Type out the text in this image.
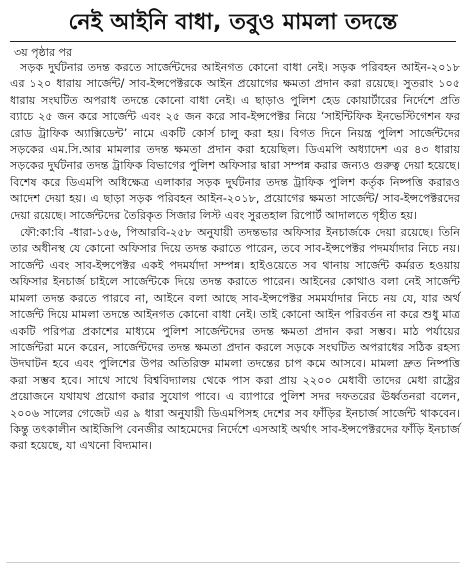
নেই আইনি বাধা, তবুও মামলা তদন্তে
৩য় পৃষ্ঠার পর

সড়ক দুর্ঘটনার তদন্ত করতে সার্জেন্টদের আইনগত কোনো বাধা নেই। সড়ক পরিবহন আইন-২০১৮ এর ১২০ ধারায় সার্জেন্ট/ সাব-ইন্সপেক্টরকে আইন প্রয়োগের ক্ষমতা প্রদান করা রয়েছে। সুতরাং ১০৫ ধারায় সংঘটিত অপরাধ তদন্তে কোনো বাধা নেই। এ ছাড়াও পুলিশ হেড কোয়ার্টারের নির্দেশে প্রতি ব্যাচে ২৫ জন করে সার্জেন্ট এবং ২৫ জন করে সাব-ইন্সপেক্টর নিয়ে ‘সাইন্টিফিক ইনভেস্টিগেশন ফর রোড ট্রাফিক অ্যাক্সিডেন্ট’ নামে একটি কোর্স চালু করা হয়। বিগত দিনে নিয়ন্ত্র পুলিশ সার্জেন্টদের সড়কের এম.সি.আর মামলার তদন্ত ক্ষমতা প্রদান করা হয়েছিল। ডিএমপি অধ্যাদেশ এর ৪৩ ধারায় সড়কের দুর্ঘটনার তদন্ত ট্রাফিক বিভাগের পুলিশ অফিসার দ্বারা সম্পন্ন করার জন্যও গুরুত্ব দেয়া হয়েছে। বিশেষ করে ডিএমপি অধিক্ষেত্র এলাকার সড়ক দুর্ঘটনার তদন্ত ট্রাফিক পুলিশ কর্তৃক নিষ্পত্তি করারও আদেশ দেয়া হয়। এ ছাড়া সড়ক পরিবহন আইন-২০১৮, প্রয়োগের ক্ষমতা সার্জেন্ট/ সাব-ইন্সপেক্টরদের দেয়া রয়েছে। সার্জেন্টদের তৈরিকৃত সিজার লিস্ট এবং সুরতহাল রিপোর্ট আদালতে গৃহীত হয়।

ফৌ:কা:বি -ধারা-১৫৬, পিআরবি-২৫৮ অনুযায়ী তদন্তভার অফিসার ইনচার্জকে দেয়া রয়েছে। তিনি তার অধীনস্থ যে কোনো অফিসার দিয়ে তদন্ত করাতে পারেন, তবে সাব-ইন্সপেক্টর পদমর্যাদার নিচে নয়। সার্জেন্ট এবং সাব-ইন্সপেক্টর একই পদমর্যাদা সম্পন্ন। হাইওয়েতে সব থানায় সার্জেন্ট কর্মরত হওয়ায় অফিসার ইনচার্জ চাইলে সার্জেন্টকে দিয়ে তদন্ত করাতে পারেন। আইনের কোথাও বলা নেই সার্জেন্ট মামলা তদন্ত করতে পারবে না, আইনে বলা আছে সাব-ইন্সপেক্টর সমমর্যাদার নিচে নয় যে, যার অর্থ সার্জেন্ট দিয়ে মামলা তদন্তে আইনগত কোনো বাধা নেই। তাই কোনো আইন পরিবর্তন না করে শুধু মাত্র একটি পরিপত্র প্রকাশের মাধ্যমে পুলিশ সার্জেন্টদের তদন্ত ক্ষমতা প্রদান করা সম্ভব। মাঠ পর্যায়ের সার্জেন্টরা মনে করেন, সার্জেন্টদের তদন্ত ক্ষমতা প্রদান করলে সড়কে সংঘটিত অপরাধের সঠিক রহস্য উদঘাটন হবে এবং পুলিশের উপর অতিরিক্ত মামলা তদন্তের চাপ কমে আসবে। মামলা দ্রুত নিষ্পত্তি করা সম্ভব হবে। সাথে সাথে বিশ্ববিদ্যালয় থেকে পাস করা প্রায় ২২০০ মেধাবী তাদের মেধা রাষ্ট্রের প্রয়োজনে যথাযথ প্রয়োগ করার সুযোগ পাবে। এ ব্যাপারে পুলিশ সদর দফতরের ঊর্ধ্বতনরা বলেন, ২০০৬ সালের গেজেট এর ৯ ধারা অনুযায়ী ডিএমপিসহ দেশের সব ফাঁড়ির ইনচার্জ সার্জেন্ট থাকবেন। কিন্তু তৎকালীন আইজিপি বেনজীর আহমেদের নির্দেশে এসআই অর্থাৎ সাব-ইন্সপেক্টরদের ফাঁড়ি ইনচার্জ করা হয়েছে, যা এখনো বিদ্যমান।
